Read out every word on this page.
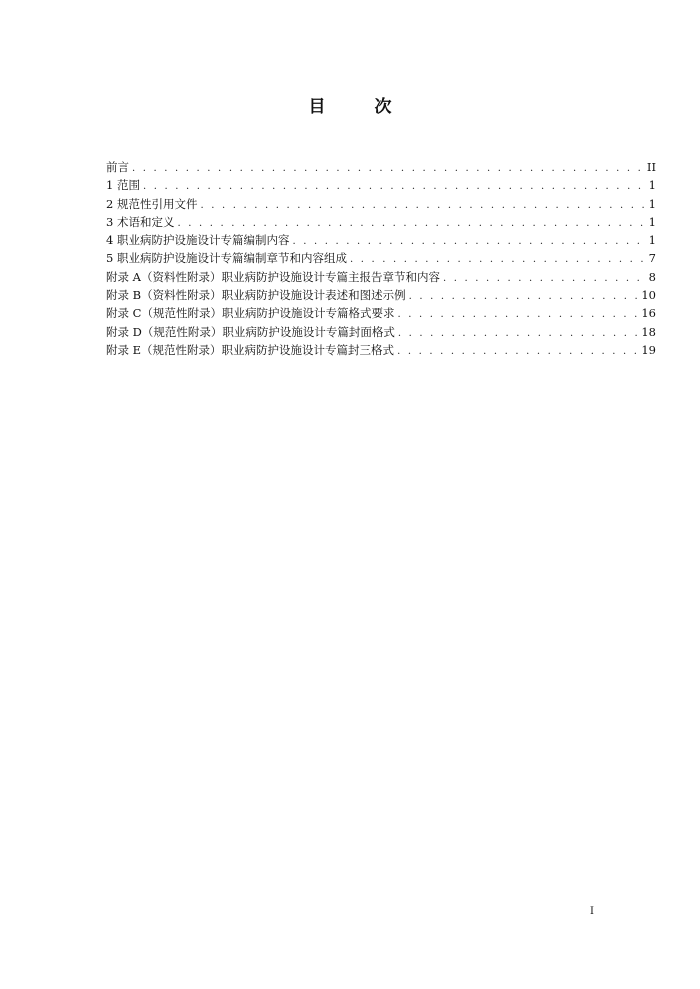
目　次
前言 . . .	II
1 范围 . . .	1
2 规范性引用文件 . . .	1
3 术语和定义 . . .	1
4 职业病防护设施设计专篇编制内容 . . .	1
5 职业病防护设施设计专篇编制章节和内容组成 . . .	7
附录 A（资料性附录）职业病防护设施设计专篇主报告章节和内容 . . .	8
附录 B（资料性附录）职业病防护设施设计表述和图述示例 . . .	10
附录 C（规范性附录）职业病防护设施设计专篇格式要求 . . .	16
附录 D（规范性附录）职业病防护设施设计专篇封面格式 . . .	18
附录 E（规范性附录）职业病防护设施设计专篇封三格式 . . .	19
I
